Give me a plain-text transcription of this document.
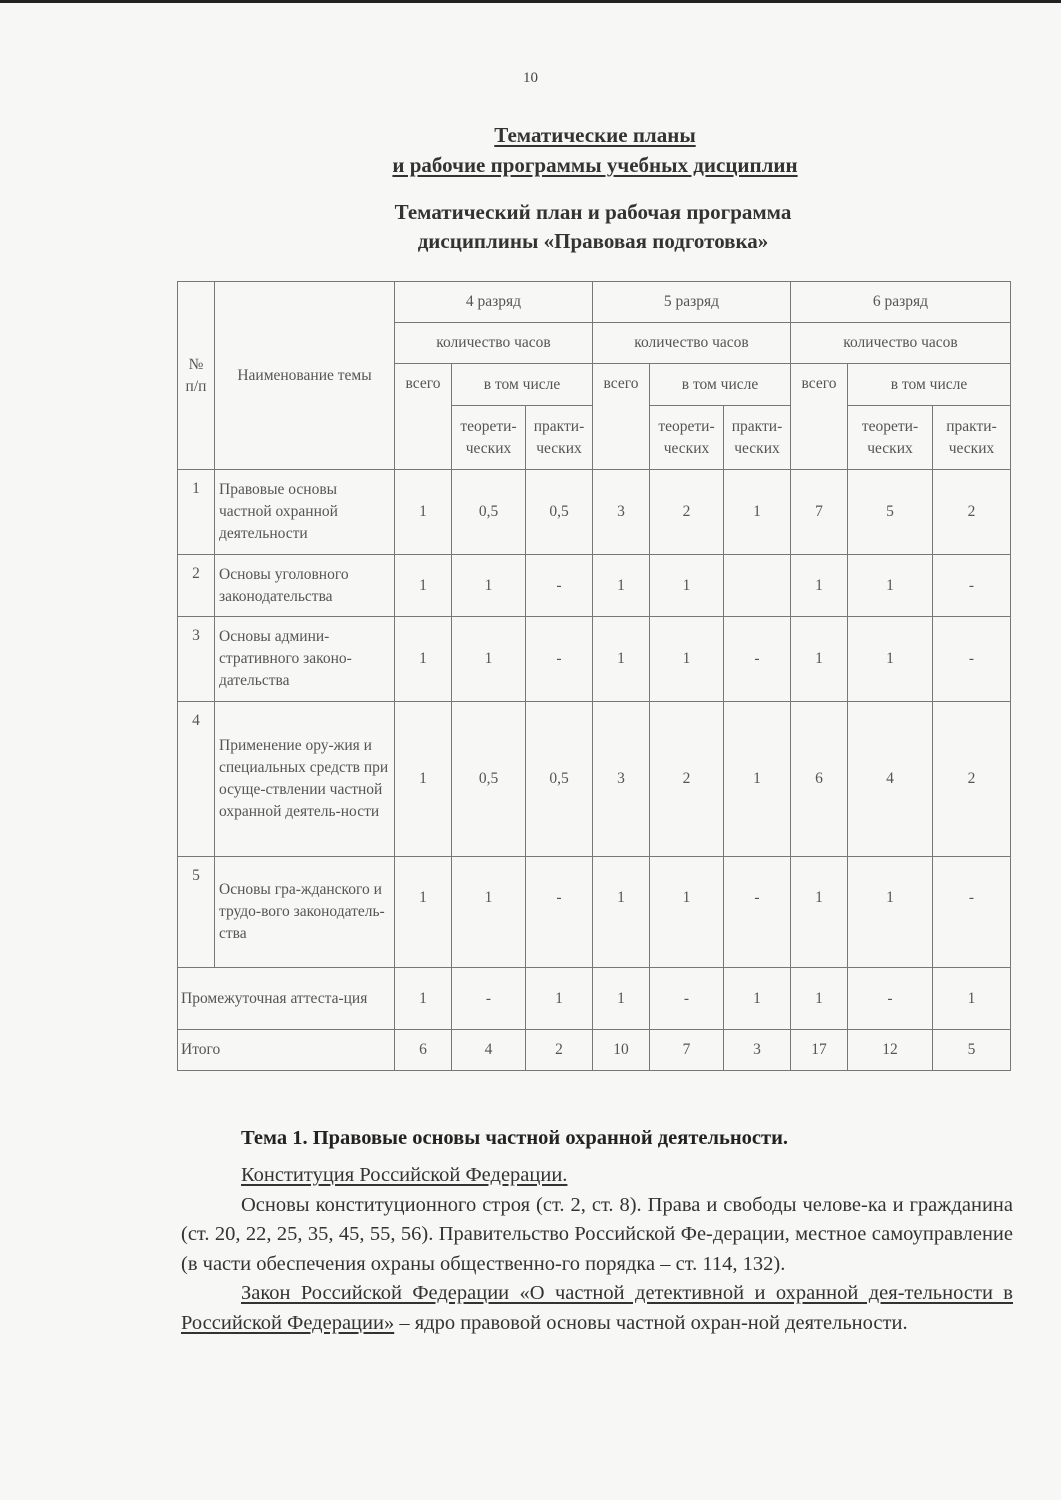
10
Тематические планы
и рабочие программы учебных дисциплин
Тематический план и рабочая программа
дисциплины «Правовая подготовка»
№ п/п	Наименование темы	4 разряд			5 разряд			6 разряд		
		количество часов			количество часов			количество часов		
		всего	в том числе		всего	в том числе		всего	в том числе	
			теорети-ческих	практи-ческих		теорети-ческих	практи-ческих		теорети-ческих	практи-ческих
1	Правовые основы частной охранной деятельности	1	0,5	0,5	3	2	1	7	5	2
2	Основы уголовного законодательства	1	1	-	1	1		1	1	-
3	Основы админи-стративного законо-дательства	1	1	-	1	1	-	1	1	-
4	Применение ору-жия и специальных средств при осуще-ствлении частной охранной деятель-ности	1	0,5	0,5	3	2	1	6	4	2
5	Основы гра-жданского и трудо-вого законодатель-ства	1	1	-	1	1	-	1	1	-
Промежуточная аттеста-ция		1	-	1	1	-	1	1	-	1
Итого		6	4	2	10	7	3	17	12	5
Тема 1. Правовые основы частной охранной деятельности.

Конституция Российской Федерации.

Основы конституционного строя (ст. 2, ст. 8). Права и свободы челове-ка и гражданина (ст. 20, 22, 25, 35, 45, 55, 56). Правительство Российской Фе-дерации, местное самоуправление (в части обеспечения охраны общественно-го порядка – ст. 114, 132).

Закон Российской Федерации «О частной детективной и охранной дея-тельности в Российской Федерации» – ядро правовой основы частной охран-ной деятельности.
